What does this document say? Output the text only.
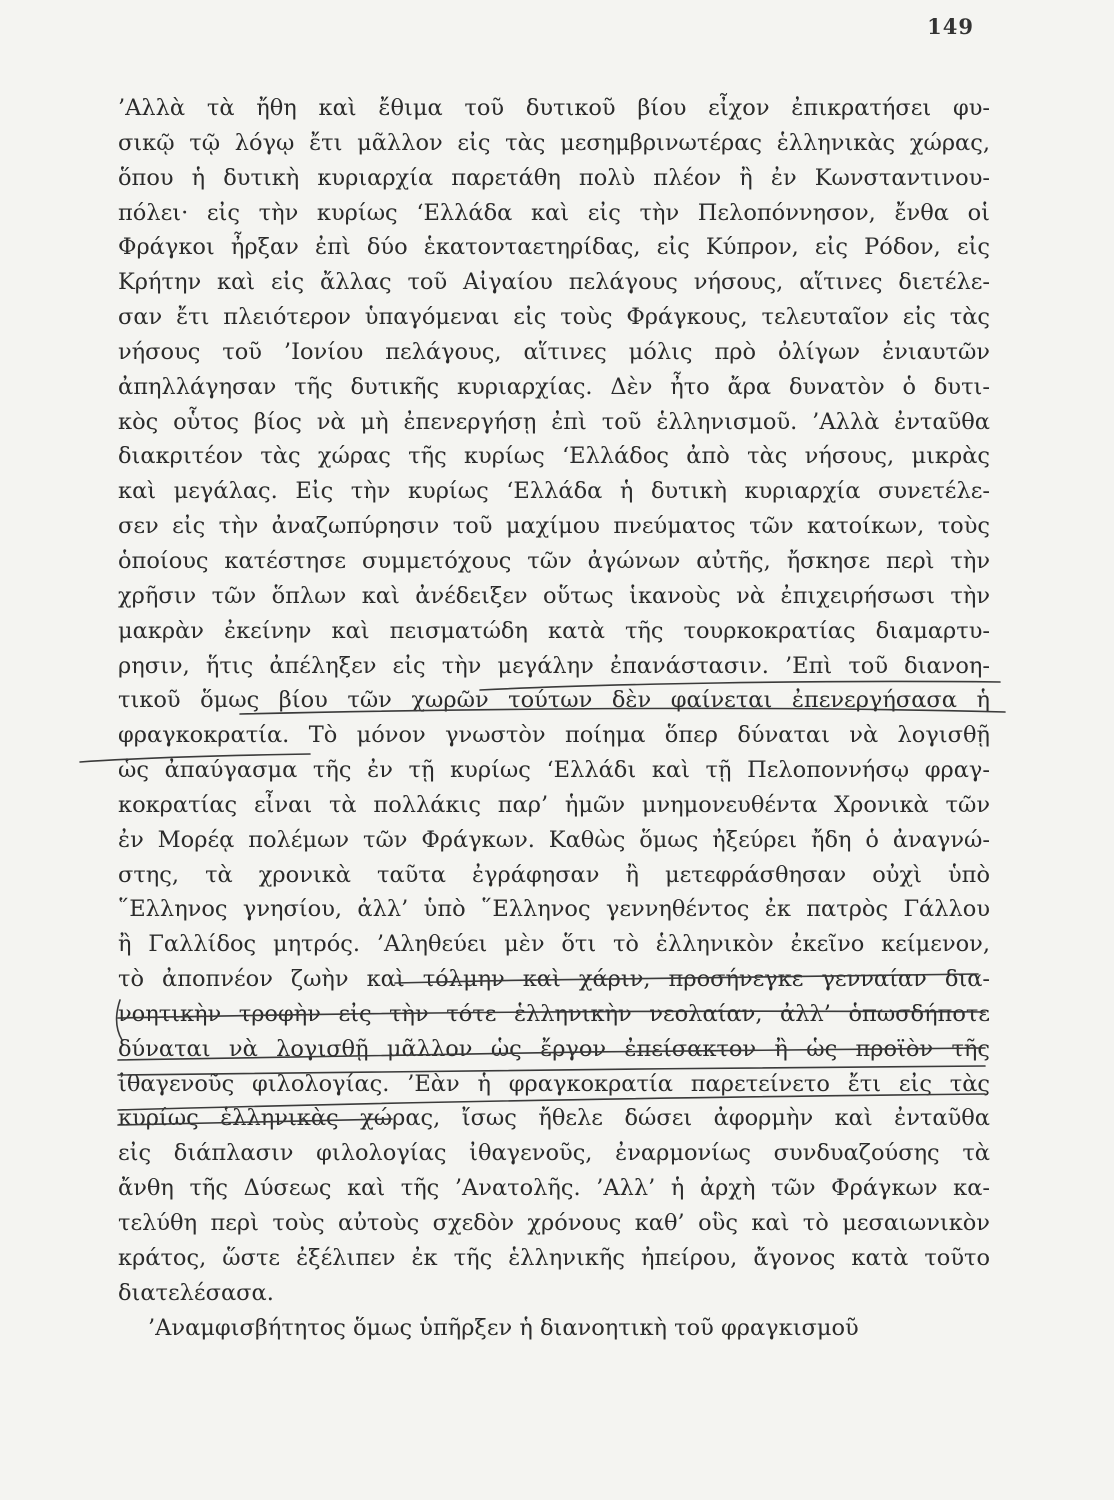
149
’Αλλὰ τὰ ἤθη καὶ ἔθιμα τοῦ δυτικοῦ βίου εἶχον ἐπικρατήσει φυ-
σικῷ τῷ λόγῳ ἔτι μᾶλλον εἰς τὰς μεσημβρινωτέρας ἑλληνικὰς χώρας,
ὅπου ἡ δυτικὴ κυριαρχία παρετάθη πολὺ πλέον ἢ ἐν Κωνσταντινου-
πόλει· εἰς τὴν κυρίως ‘Ελλάδα καὶ εἰς τὴν Πελοπόννησον, ἔνθα οἱ
Φράγκοι ἦρξαν ἐπὶ δύο ἑκατονταετηρίδας, εἰς Κύπρον, εἰς Ρόδον, εἰς
Κρήτην καὶ εἰς ἄλλας τοῦ Αἰγαίου πελάγους νήσους, αἵτινες διετέλε-
σαν ἔτι πλειότερον ὑπαγόμεναι εἰς τοὺς Φράγκους, τελευταῖον εἰς τὰς
νήσους τοῦ ’Ιονίου πελάγους, αἵτινες μόλις πρὸ ὀλίγων ἐνιαυτῶν
ἀπηλλάγησαν τῆς δυτικῆς κυριαρχίας. Δὲν ἦτο ἄρα δυνατὸν ὁ δυτι-
κὸς οὗτος βίος νὰ μὴ ἐπενεργήσῃ ἐπὶ τοῦ ἑλληνισμοῦ. ’Αλλὰ ἐνταῦθα
διακριτέον τὰς χώρας τῆς κυρίως ‘Ελλάδος ἀπὸ τὰς νήσους, μικρὰς
καὶ μεγάλας. Εἰς τὴν κυρίως ‘Ελλάδα ἡ δυτικὴ κυριαρχία συνετέλε-
σεν εἰς τὴν ἀναζωπύρησιν τοῦ μαχίμου πνεύματος τῶν κατοίκων, τοὺς
ὁποίους κατέστησε συμμετόχους τῶν ἀγώνων αὐτῆς, ἤσκησε περὶ τὴν
χρῆσιν τῶν ὅπλων καὶ ἀνέδειξεν οὕτως ἱκανοὺς νὰ ἐπιχειρήσωσι τὴν
μακρὰν ἐκείνην καὶ πεισματώδη κατὰ τῆς τουρκοκρατίας διαμαρτυ-
ρησιν, ἥτις ἀπέληξεν εἰς τὴν μεγάλην ἐπανάστασιν. ’Επὶ τοῦ διανοη-
τικοῦ ὅμως βίου τῶν χωρῶν τούτων δὲν φαίνεται ἐπενεργήσασα ἡ
φραγκοκρατία. Τὸ μόνον γνωστὸν ποίημα ὅπερ δύναται νὰ λογισθῇ
ὡς ἀπαύγασμα τῆς ἐν τῇ κυρίως ‘Ελλάδι καὶ τῇ Πελοποννήσῳ φραγ-
κοκρατίας εἶναι τὰ πολλάκις παρ’ ἡμῶν μνημονευθέντα Χρονικὰ τῶν
ἐν Μορέᾳ πολέμων τῶν Φράγκων. Καθὼς ὅμως ἠξεύρει ἤδη ὁ ἀναγνώ-
στης, τὰ χρονικὰ ταῦτα ἐγράφησαν ἢ μετεφράσθησαν οὐχὶ ὑπὸ
῞Ελληνος γνησίου, ἀλλ’ ὑπὸ ῞Ελληνος γεννηθέντος ἐκ πατρὸς Γάλλου
ἢ Γαλλίδος μητρός. ’Αληθεύει μὲν ὅτι τὸ ἑλληνικὸν ἐκεῖνο κείμενον,
τὸ ἀποπνέον ζωὴν καὶ τόλμην καὶ χάριν, προσήνεγκε γενναίαν δια-
νοητικὴν τροφὴν εἰς τὴν τότε ἑλληνικὴν νεολαίαν, ἀλλ’ ὁπωσδήποτε
δύναται νὰ λογισθῇ μᾶλλον ὡς ἔργον ἐπείσακτον ἢ ὡς προϊὸν τῆς
ἰθαγενοῦς φιλολογίας. ’Εὰν ἡ φραγκοκρατία παρετείνετο ἔτι εἰς τὰς
κυρίως ἑλληνικὰς χώρας, ἴσως ἤθελε δώσει ἀφορμὴν καὶ ἐνταῦθα
εἰς διάπλασιν φιλολογίας ἰθαγενοῦς, ἐναρμονίως συνδυαζούσης τὰ
ἄνθη τῆς Δύσεως καὶ τῆς ’Ανατολῆς. ’Αλλ’ ἡ ἀρχὴ τῶν Φράγκων κα-
τελύθη περὶ τοὺς αὐτοὺς σχεδὸν χρόνους καθ’ οὓς καὶ τὸ μεσαιωνικὸν
κράτος, ὥστε ἐξέλιπεν ἐκ τῆς ἑλληνικῆς ἠπείρου, ἄγονος κατὰ τοῦτο
διατελέσασα.
’Αναμφισβήτητος ὅμως ὑπῆρξεν ἡ διανοητικὴ τοῦ φραγκισμοῦ
